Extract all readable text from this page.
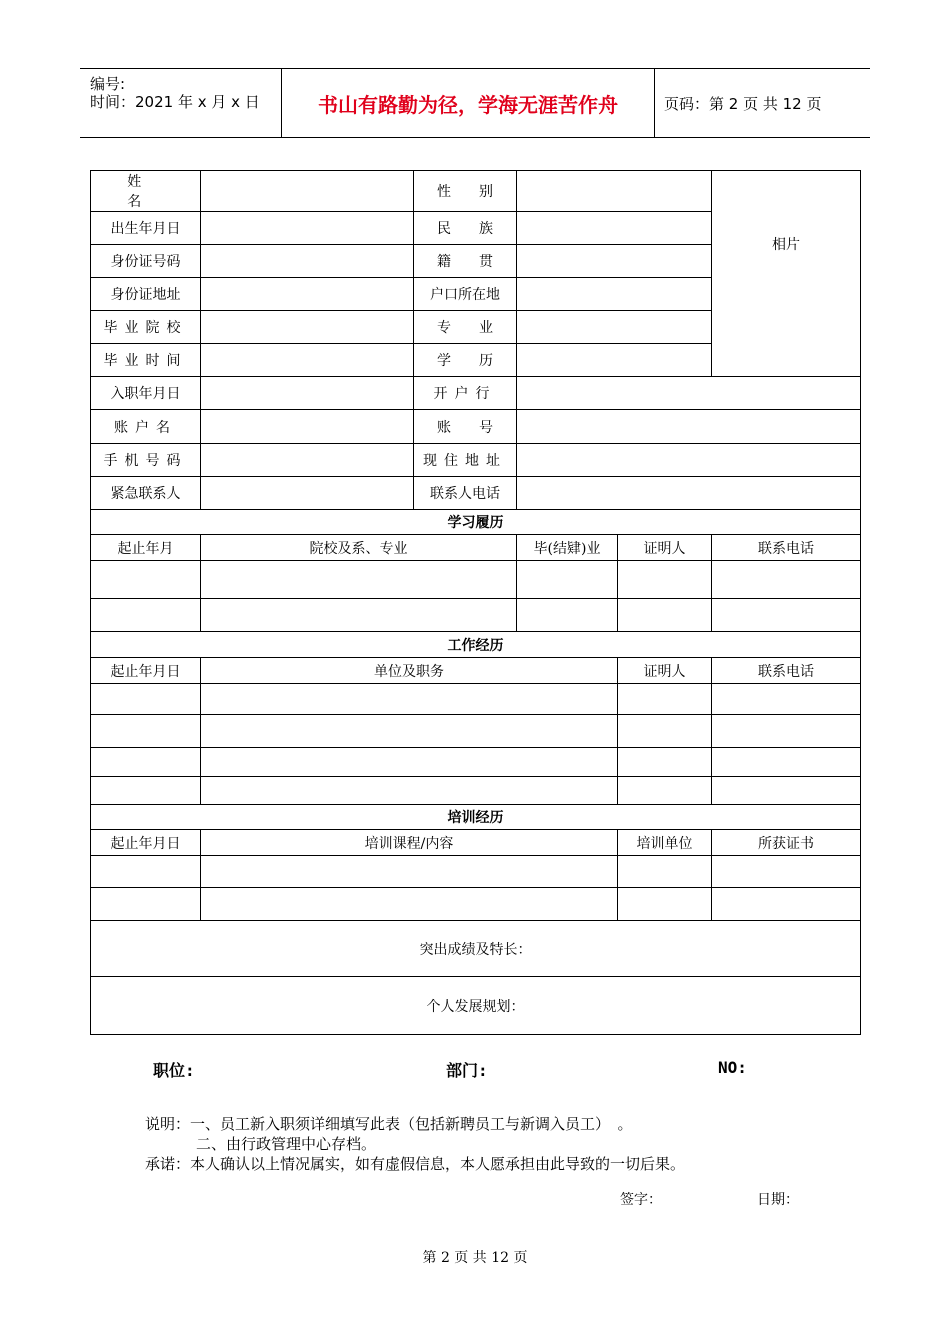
编号:
时间：2021 年 x 月 x 日	书山有路勤为径，学海无涯苦作舟	页码：第 2 页 共 12 页
姓　　名		性　　别			相片
出生年月日		民　　族			
身份证号码		籍　　贯			
身份证地址		户口所在地			
毕业院校		专　　业			
毕业时间		学　　历			
入职年月日		开户行			
账户名		账　　号			
手机号码		现住地址			
紧急联系人		联系人电话			
学习履历					
起止年月	院校及系、专业		毕(结肄)业	证明人	联系电话

工作经历					
起止年月日	单位及职务			证明人	联系电话

培训经历					
起止年月日	培训课程/内容			培训单位	所获证书

突出成绩及特长：					
个人发展规划：					
职位:	部门:	NO:
说明：一、员工新入职须详细填写此表（包括新聘员工与新调入员工）　。
二、由行政管理中心存档。
承诺：本人确认以上情况属实，如有虚假信息，本人愿承担由此导致的一切后果。
签字：	日期：
第 2 页 共 12 页
